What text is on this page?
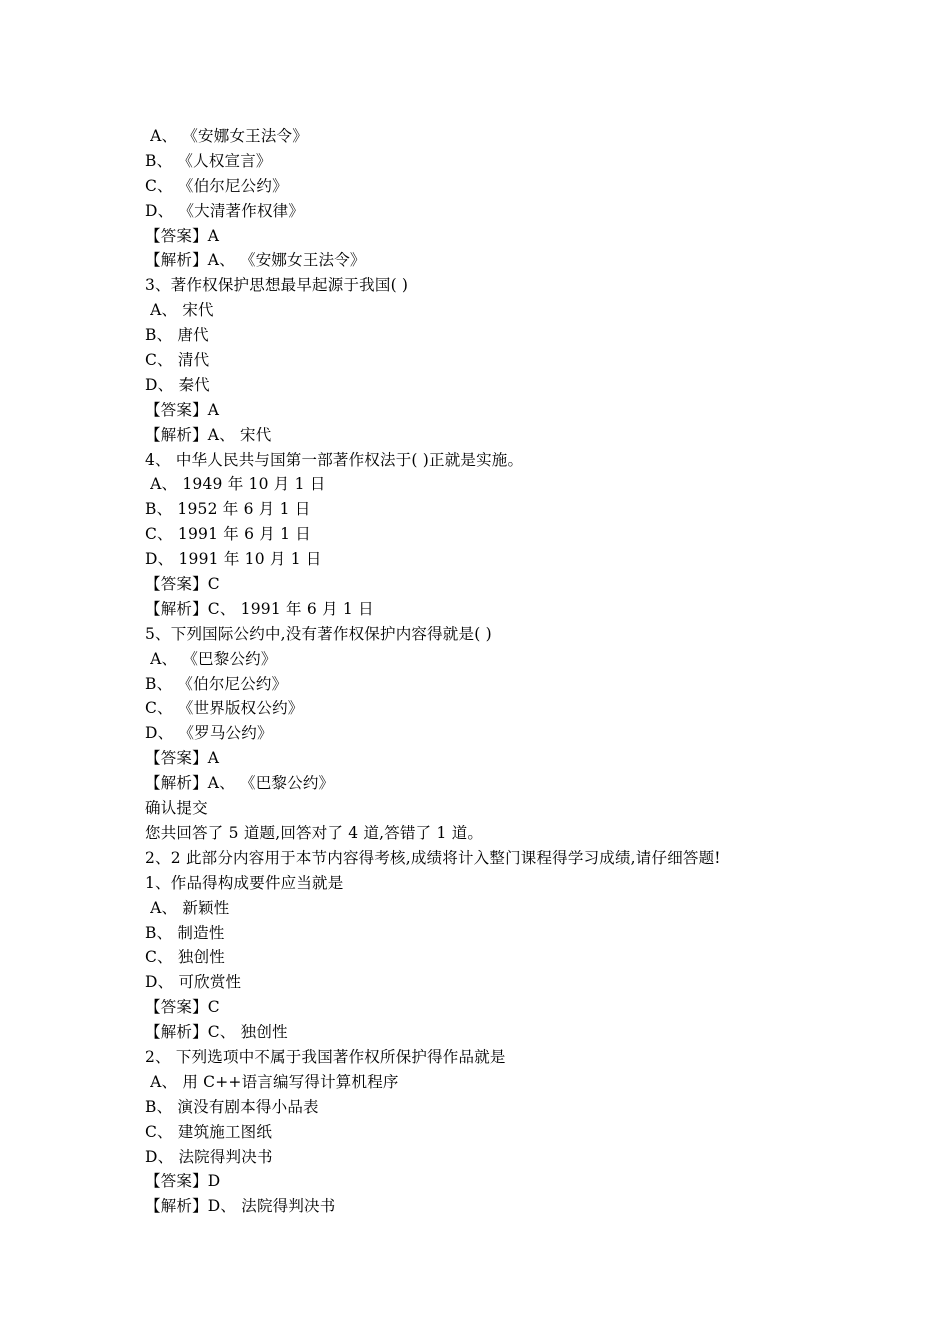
A、 《安娜女王法令》
B、 《人权宣言》
C、 《伯尔尼公约》
D、 《大清著作权律》
【答案】A
【解析】A、 《安娜女王法令》
3、著作权保护思想最早起源于我国( )
A、 宋代
B、 唐代
C、 清代
D、 秦代
【答案】A
【解析】A、 宋代
4、 中华人民共与国第一部著作权法于( )正就是实施。
A、 1949 年 10 月 1 日
B、 1952 年 6 月 1 日
C、 1991 年 6 月 1 日
D、 1991 年 10 月 1 日
【答案】C
【解析】C、 1991 年 6 月 1 日
5、下列国际公约中,没有著作权保护内容得就是( )
A、 《巴黎公约》
B、 《伯尔尼公约》
C、 《世界版权公约》
D、 《罗马公约》
【答案】A
【解析】A、 《巴黎公约》
确认提交
您共回答了 5 道题,回答对了 4 道,答错了 1 道。
2、2 此部分内容用于本节内容得考核,成绩将计入整门课程得学习成绩,请仔细答题!
1、作品得构成要件应当就是
A、 新颖性
B、 制造性
C、 独创性
D、 可欣赏性
【答案】C
【解析】C、 独创性
2、 下列选项中不属于我国著作权所保护得作品就是
A、 用 C++语言编写得计算机程序
B、 演没有剧本得小品表
C、 建筑施工图纸
D、 法院得判决书
【答案】D
【解析】D、 法院得判决书
